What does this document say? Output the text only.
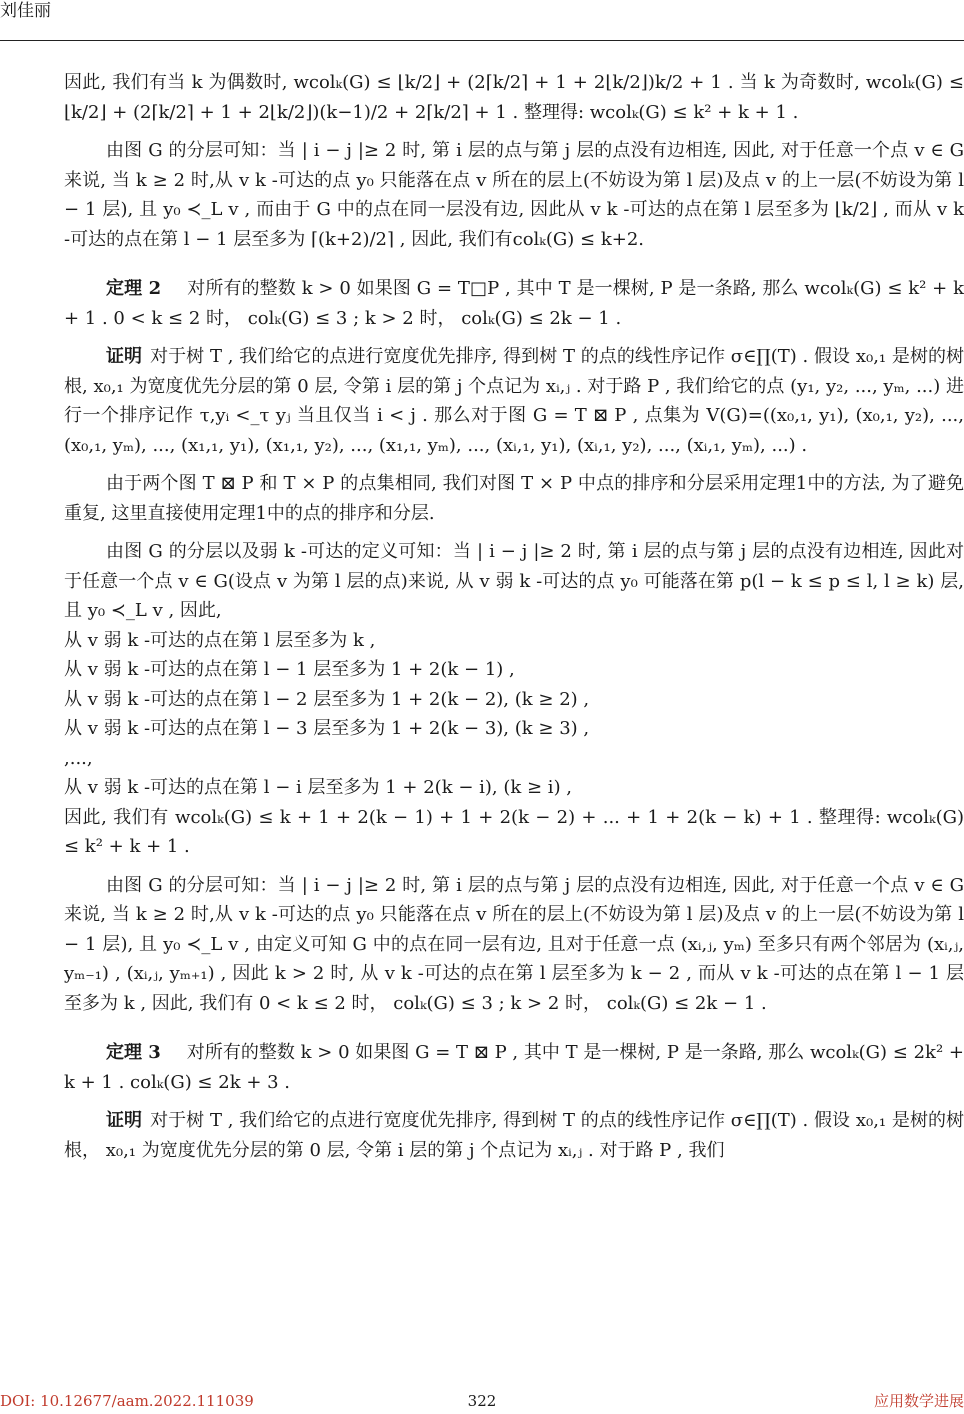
刘佳丽

因此, 我们有当 k 为偶数时, wcolₖ(G) ≤ ⌊k/2⌋ + (2⌈k/2⌉ + 1 + 2⌊k/2⌋)k/2 + 1 . 当 k 为奇数时, wcolₖ(G) ≤ ⌊k/2⌋ + (2⌈k/2⌉ + 1 + 2⌊k/2⌋)(k−1)/2 + 2⌈k/2⌉ + 1 . 整理得: wcolₖ(G) ≤ k² + k + 1 .

由图 G 的分层可知：当 | i − j |≥ 2 时, 第 i 层的点与第 j 层的点没有边相连, 因此, 对于任意一个点 v ∈ G 来说, 当 k ≥ 2 时,从 v k -可达的点 y₀ 只能落在点 v 所在的层上(不妨设为第 l 层)及点 v 的上一层(不妨设为第 l − 1 层), 且 y₀ ≺_L v , 而由于 G 中的点在同一层没有边, 因此从 v k -可达的点在第 l 层至多为 ⌊k/2⌋ , 而从 v k -可达的点在第 l − 1 层至多为 ⌈(k+2)/2⌉ , 因此, 我们有colₖ(G) ≤ k+2.

定理 2 对所有的整数 k > 0 如果图 G = T□P , 其中 T 是一棵树, P 是一条路, 那么 wcolₖ(G) ≤ k² + k + 1 . 0 < k ≤ 2 时， colₖ(G) ≤ 3 ; k > 2 时， colₖ(G) ≤ 2k − 1 .

证明 对于树 T , 我们给它的点进行宽度优先排序, 得到树 T 的点的线性序记作 σ∈∏(T) . 假设 x₀,₁ 是树的树根, x₀,₁ 为宽度优先分层的第 0 层, 令第 i 层的第 j 个点记为 xᵢ,ⱼ . 对于路 P , 我们给它的点 (y₁, y₂, ..., yₘ, ...) 进行一个排序记作 τ,yᵢ <_τ yⱼ 当且仅当 i < j . 那么对于图 G = T ⊠ P , 点集为 V(G)=((x₀,₁, y₁), (x₀,₁, y₂), ..., (x₀,₁, yₘ), ..., (x₁,₁, y₁), (x₁,₁, y₂), ..., (x₁,₁, yₘ), ..., (xᵢ,₁, y₁), (xᵢ,₁, y₂), ..., (xᵢ,₁, yₘ), ...) .

由于两个图 T ⊠ P 和 T × P 的点集相同, 我们对图 T × P 中点的排序和分层采用定理1中的方法, 为了避免重复, 这里直接使用定理1中的点的排序和分层.

由图 G 的分层以及弱 k -可达的定义可知：当 | i − j |≥ 2 时, 第 i 层的点与第 j 层的点没有边相连, 因此对于任意一个点 v ∈ G(设点 v 为第 l 层的点)来说, 从 v 弱 k -可达的点 y₀ 可能落在第 p(l − k ≤ p ≤ l, l ≥ k) 层, 且 y₀ ≺_L v , 因此,

从 v 弱 k -可达的点在第 l 层至多为 k ,

从 v 弱 k -可达的点在第 l − 1 层至多为 1 + 2(k − 1) ,

从 v 弱 k -可达的点在第 l − 2 层至多为 1 + 2(k − 2), (k ≥ 2) ,

从 v 弱 k -可达的点在第 l − 3 层至多为 1 + 2(k − 3), (k ≥ 3) ,

,...,

从 v 弱 k -可达的点在第 l − i 层至多为 1 + 2(k − i), (k ≥ i) ,

因此, 我们有 wcolₖ(G) ≤ k + 1 + 2(k − 1) + 1 + 2(k − 2) + ... + 1 + 2(k − k) + 1 . 整理得: wcolₖ(G) ≤ k² + k + 1 .

由图 G 的分层可知：当 | i − j |≥ 2 时, 第 i 层的点与第 j 层的点没有边相连, 因此, 对于任意一个点 v ∈ G 来说, 当 k ≥ 2 时,从 v k -可达的点 y₀ 只能落在点 v 所在的层上(不妨设为第 l 层)及点 v 的上一层(不妨设为第 l − 1 层), 且 y₀ ≺_L v , 由定义可知 G 中的点在同一层有边, 且对于任意一点 (xᵢ,ⱼ, yₘ) 至多只有两个邻居为 (xᵢ,ⱼ, yₘ₋₁) , (xᵢ,ⱼ, yₘ₊₁) , 因此 k > 2 时, 从 v k -可达的点在第 l 层至多为 k − 2 , 而从 v k -可达的点在第 l − 1 层至多为 k , 因此, 我们有 0 < k ≤ 2 时， colₖ(G) ≤ 3 ; k > 2 时， colₖ(G) ≤ 2k − 1 .

定理 3 对所有的整数 k > 0 如果图 G = T ⊠ P , 其中 T 是一棵树, P 是一条路, 那么 wcolₖ(G) ≤ 2k² + k + 1 . colₖ(G) ≤ 2k + 3 .

证明 对于树 T , 我们给它的点进行宽度优先排序, 得到树 T 的点的线性序记作 σ∈∏(T) . 假设 x₀,₁ 是树的树根， x₀,₁ 为宽度优先分层的第 0 层, 令第 i 层的第 j 个点记为 xᵢ,ⱼ . 对于路 P , 我们

DOI: 10.12677/aam.2022.111039	322	应用数学进展
